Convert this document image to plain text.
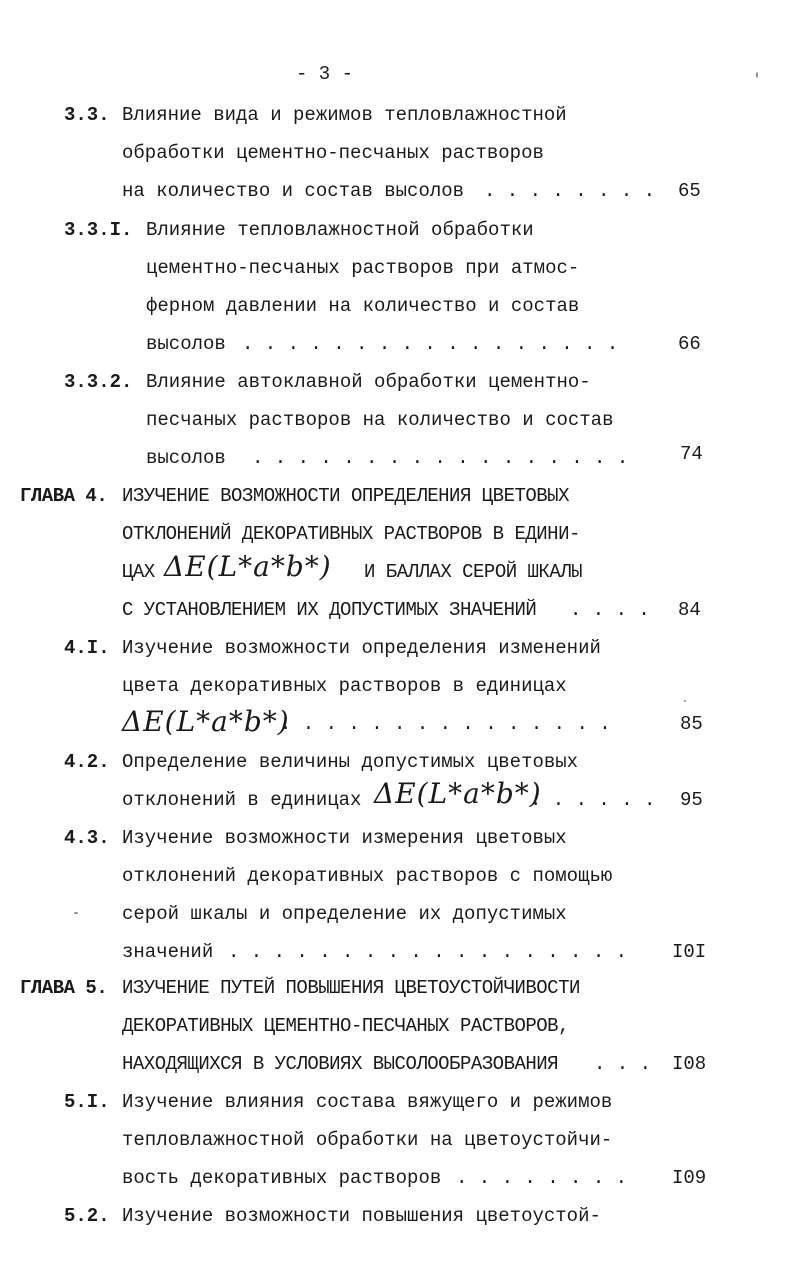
- 3 -
3.3. Влияние вида и режимов тепловлажностной
обработки цементно-песчаных растворов
на количество и состав высолов . . . . . . . . 65
3.3.I. Влияние тепловлажностной обработки
цементно-песчаных растворов при атмос-
ферном давлении на количество и состав
высолов . . . . . . . . . . . . . . . . .	66
3.3.2. Влияние автоклавной обработки цементно-
песчаных растворов на количество и состав
высолов . . . . . . . . . . . . . . . . .	74
ГЛАВА 4. ИЗУЧЕНИЕ ВОЗМОЖНОСТИ ОПРЕДЕЛЕНИЯ ЦВЕТОВЫХ
ОТКЛОНЕНИЙ ДЕКОРАТИВНЫХ РАСТВОРОВ В ЕДИНИ-
ЦАХ ΔE(L*a*b*) И БАЛЛАХ СЕРОЙ ШКАЛЫ
С УСТАНОВЛЕНИЕМ ИХ ДОПУСТИМЫХ ЗНАЧЕНИЙ . . . . 84
4.I. Изучение возможности определения изменений
цвета декоративных растворов в единицах
ΔE(L*a*b*)
. . . . . . . . . . . . . . .	85
4.2. Определение величины допустимых цветовых
отклонений в единицах ΔE(L*a*b*)
. . . . . . 95
4.3. Изучение возможности измерения цветовых
отклонений декоративных растворов с помощью
серой шкалы и определение их допустимых
значений . . . . . . . . . . . . . . . . . . I0I
ГЛАВА 5. ИЗУЧЕНИЕ ПУТЕЙ ПОВЫШЕНИЯ ЦВЕТОУСТОЙЧИВОСТИ
ДЕКОРАТИВНЫХ ЦЕМЕНТНО-ПЕСЧАНЫХ РАСТВОРОВ,
НАХОДЯЩИХСЯ В УСЛОВИЯХ ВЫСОЛООБРАЗОВАНИЯ . . . I08
5.I. Изучение влияния состава вяжущего и режимов
тепловлажностной обработки на цветоустойчи-
вость декоративных растворов . . . . . . . . I09
5.2. Изучение возможности повышения цветоустой-
